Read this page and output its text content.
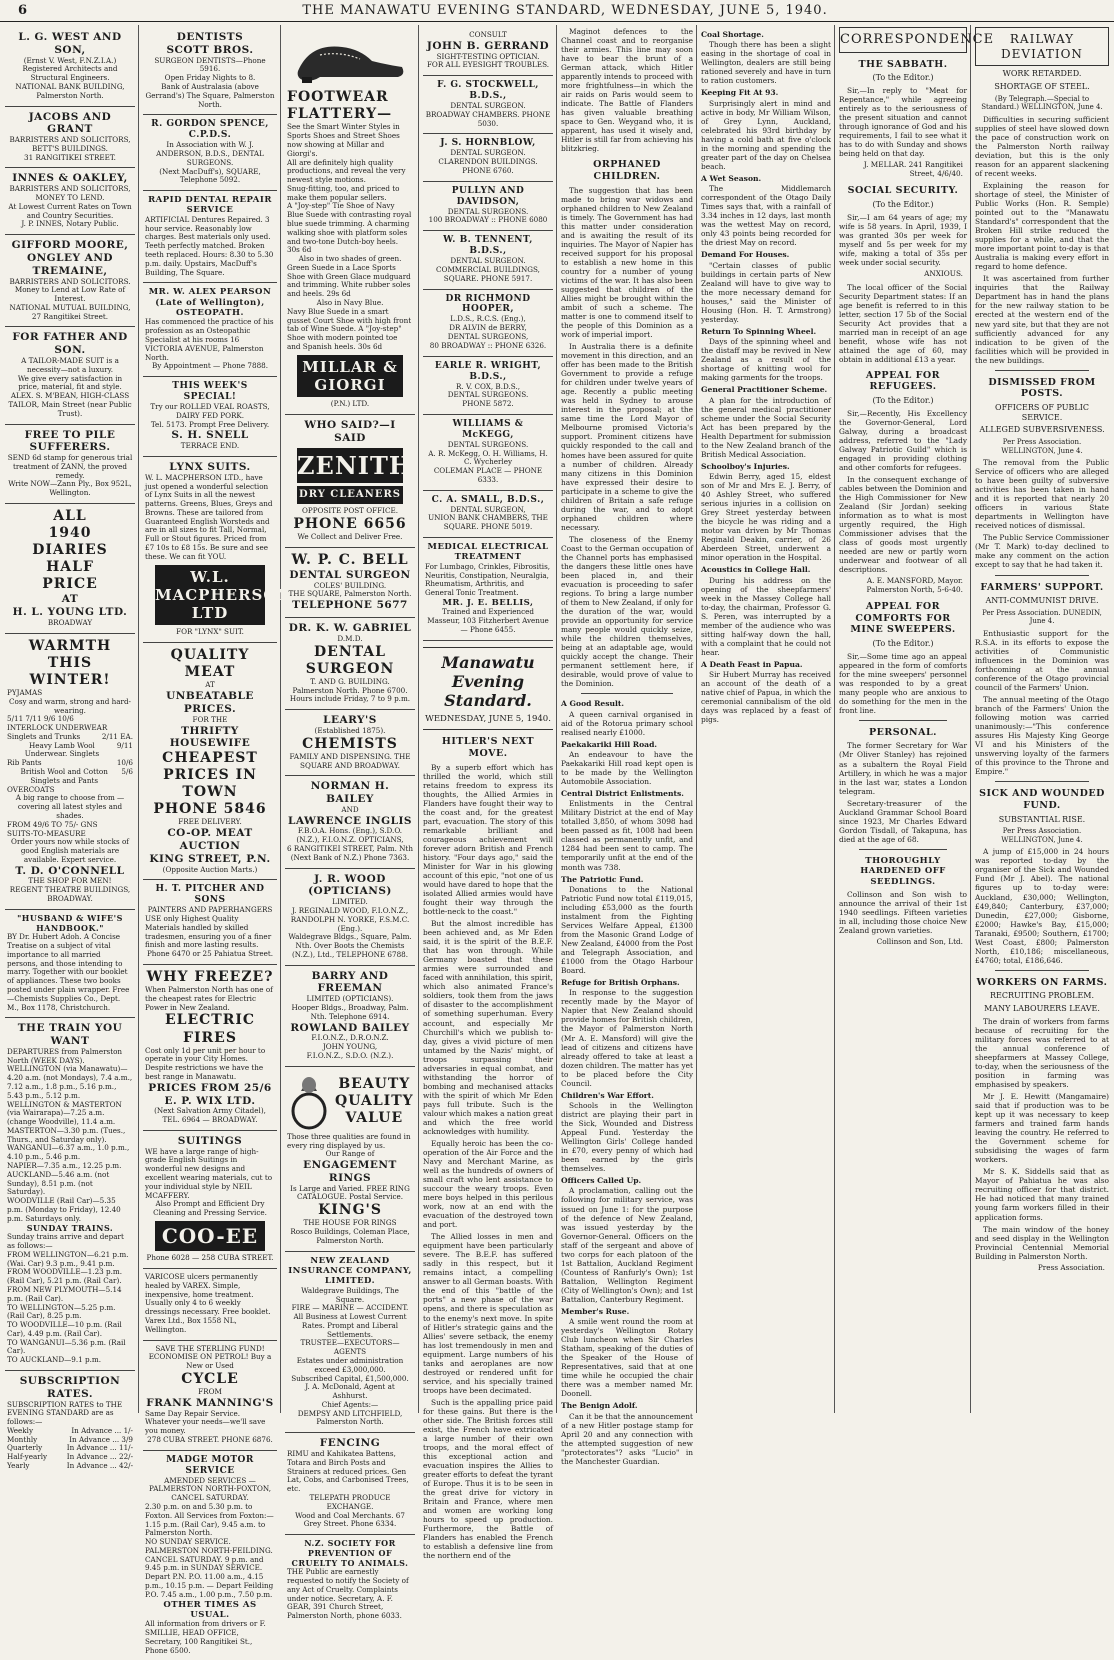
6	THE MANAWATU EVENING STANDARD, WEDNESDAY, JUNE 5, 1940.
L. G. WEST AND SON,
(Ernst V. West, F.N.Z.I.A.)
Registered Architects and Structural Engineers.
NATIONAL BANK BUILDING, Palmerston North.
JACOBS AND GRANT
BARRISTERS AND SOLICITORS,
BETT'S BUILDINGS.
31 RANGITIKEI STREET.
INNES & OAKLEY,
BARRISTERS AND SOLICITORS, MONEY TO LEND.
At Lowest Current Rates on Town and Country Securities.
J. P. INNES, Notary Public.
GIFFORD MOORE, ONGLEY AND TREMAINE,
BARRISTERS AND SOLICITORS. Money to Lend at Low Rate of Interest.
NATIONAL MUTUAL BUILDING, 27 Rangitikei Street.
FOR FATHER AND SON.
A TAILOR-MADE SUIT is a necessity—not a luxury.
We give every satisfaction in price, material, fit and style.
ALEX. S. M'BEAN, HIGH-CLASS TAILOR, Main Street (near Public Trust).
FREE TO PILE SUFFERERS.
SEND 6d stamp for generous trial treatment of ZANN, the proved remedy.
Write NOW—Zann Ply., Box 952L, Wellington.
ALL
1940
DIARIES
HALF
PRICE
AT
H. L. YOUNG LTD.
BROADWAY
WARMTH THIS WINTER!
PYJAMAS
Cosy and warm, strong and hard-wearing.
5/11 7/11 9/6 10/6
INTERLOCK UNDERWEAR
Singlets and Trunks	2/11 EA.
Heavy Lamb Wool Underwear. Singlets
9/11
Rib Pants	10/6
British Wool and Cotton Singlets and Pants
5/6
OVERCOATS
A big range to choose from — covering all latest styles and shades.
FROM 49/6 TO 75/- GNS
SUITS-TO-MEASURE
Order yours now while stocks of good English materials are available. Expert service.
T. D. O'CONNELL
THE SHOP FOR MEN!
REGENT THEATRE BUILDINGS, BROADWAY.
"HUSBAND & WIFE'S HANDBOOK."
BY Dr. Hubert Adoh. A Concise Treatise on a subject of vital importance to all married persons, and those intending to marry. Together with our booklet of appliances. These two books posted under plain wrapper. Free—Chemists Supplies Co., Dept. M., Box 1178, Christchurch.
THE TRAIN YOU WANT
DEPARTURES from Palmerston North (WEEK DAYS).
WELLINGTON (via Manawatu)—4.20 a.m. (not Mondays), 7.4 a.m., 7.12 a.m., 1.8 p.m., 5.16 p.m., 5.43 p.m., 5.12 p.m.
WELLINGTON & MASTERTON (via Wairarapa)—7.25 a.m. (change Woodville), 11.4 a.m.
MASTERTON—3.30 p.m. (Tues., Thurs., and Saturday only).
WANGANUI—6.37 a.m., 1.0 p.m., 4.10 p.m., 5.46 p.m.
NAPIER—7.35 a.m., 12.25 p.m.
AUCKLAND—5.46 a.m. (not Sunday), 8.51 p.m. (not Saturday).
WOODVILLE (Rail Car)—5.35 p.m. (Monday to Friday), 12.40 p.m. Saturdays only.
SUNDAY TRAINS.
Sunday trains arrive and depart as follows:—
FROM WELLINGTON—6.21 p.m. (Wai. Car) 9.3 p.m., 9.41 p.m.
FROM WOODVILLE—1.23 p.m. (Rail Car), 5.21 p.m. (Rail Car).
FROM NEW PLYMOUTH—5.14 p.m. (Rail Car).
TO WELLINGTON—5.25 p.m. (Rail Car), 8.25 p.m.
TO WOODVILLE—10 p.m. (Rail Car), 4.49 p.m. (Rail Car).
TO WANGANUI—5.36 p.m. (Rail Car).
TO AUCKLAND—9.1 p.m.
SUBSCRIPTION RATES.
SUBSCRIPTION RATES to THE EVENING STANDARD are as follows:—
Weekly	In Advance ... 1/-
Monthly	In Advance ... 3/9
Quarterly	In Advance ... 11/-
Half-yearly	In Advance ... 22/-
Yearly	In Advance ... 42/-
DENTISTS
SCOTT BROS.
SURGEON DENTISTS—Phone 5916.
Open Friday Nights to 8.
Bank of Australasia (above Gerrand's) The Square, Palmerston North.
R. GORDON SPENCE, C.P.D.S.
In Association with W. J. ANDERSON, B.D.S., DENTAL SURGEONS.
(Next MacDuff's), SQUARE, Telephone 5092.
RAPID DENTAL REPAIR SERVICE
ARTIFICIAL Dentures Repaired. 3 hour service. Reasonably low charges. Best materials only used. Teeth perfectly matched. Broken teeth replaced. Hours: 8.30 to 5.30 p.m. daily. Upstairs, MacDuff's Building, The Square.
MR. W. ALEX PEARSON (Late of Wellington), OSTEOPATH.
Has commenced the practice of his profession as an Osteopathic Specialist at his rooms 16 VICTORIA AVENUE, Palmerston North.
By Appointment — Phone 7888.
THIS WEEK'S SPECIAL!
Try our ROLLED VEAL ROASTS, DAIRY FED PORK.
Tel. 5173. Prompt Free Delivery.
S. H. SNELL
TERRACE END.
LYNX SUITS.
W. L. MACPHERSON LTD., have just opened a wonderful selection of Lynx Suits in all the newest patterns. Greens, Blues, Greys and Browns. These are tailored from Guaranteed English Worsteds and are in all sizes to fit Tall, Normal, Full or Stout figures. Priced from £7 10s to £8 15s. Be sure and see these. We can fit YOU.
W.L. MACPHERSON LTD
FOR "LYNX" SUIT.
QUALITY MEAT
AT
UNBEATABLE PRICES.
FOR THE
THRIFTY HOUSEWIFE
CHEAPEST PRICES IN TOWN
PHONE 5846
FREE DELIVERY.
CO-OP. MEAT AUCTION
KING STREET, P.N.
(Opposite Auction Marts.)
H. T. PITCHER AND SONS
PAINTERS AND PAPERHANGERS
USE only Highest Quality Materials handled by skilled tradesmen, ensuring you of a finer finish and more lasting results.
Phone 6470 or 25 Pahiatua Street.
WHY FREEZE?
When Palmerston North has one of the cheapest rates for Electric Power in New Zealand.
ELECTRIC FIRES
Cost only 1d per unit per hour to operate in your City Homes. Despite restrictions we have the best range in Manawatu.
PRICES FROM 25/6
E. P. WIX LTD.
(Next Salvation Army Citadel), TEL. 6964 — BROADWAY.
SUITINGS
WE have a large range of high-grade English Suitings in wonderful new designs and excellent wearing materials, cut to your individual style by NEIL MCAFFERY.
Also Prompt and Efficient Dry Cleaning and Pressing Service.
COO-EE
Phone 6028 — 258 CUBA STREET.
VARICOSE ulcers permanently healed by VAREX. Simple, inexpensive, home treatment. Usually only 4 to 6 weekly dressings necessary. Free booklet. Varex Ltd., Box 1558 NL, Wellington.
SAVE THE STERLING FUND!
ECONOMISE ON PETROL! Buy a New or Used
CYCLE
FROM
FRANK MANNING'S
Same Day Repair Service. Whatever your needs—we'll save you money.
278 CUBA STREET. PHONE 6876.
MADGE MOTOR SERVICE
AMENDED SERVICES — PALMERSTON NORTH-FOXTON, CANCEL SATURDAY.
2.30 p.m. on and 5.30 p.m. to Foxton. All Services from Foxton:— 1.15 p.m. (Rail Car), 9.45 a.m. to Palmerston North.
NO SUNDAY SERVICE. PALMERSTON NORTH-FEILDING. CANCEL SATURDAY. 9 p.m. and 9.45 p.m. in SUNDAY SERVICE.
Depart P.N. P.O. 11.00 a.m., 4.15 p.m., 10.15 p.m. — Depart Feilding P.O. 7.45 a.m., 1.00 p.m., 7.50 p.m.
OTHER TIMES AS USUAL.
All information from drivers or F. SMILLIE, HEAD OFFICE, Secretary, 100 Rangitikei St., Phone 6500.
FOOTWEAR FLATTERY—
See the Smart Winter Styles in Sports Shoes and Street Shoes now showing at Millar and Giorgi's.
All are definitely high quality productions, and reveal the very newest style motions.
Snug-fitting, too, and priced to make them popular sellers.
A "Joy-step" Tie Shoe of Navy Blue Suede with contrasting royal blue suede trimming. A charming walking shoe with platform soles and two-tone Dutch-boy heels. 30s 6d
Also in two shades of green.
Green Suede in a Lace Sports Shoe with Green Glace mudguard and trimming. White rubber soles and heels. 29s 6d
Also in Navy Blue.
Navy Blue Suede in a smart gusset Court Shoe with high front tab of Wine Suede. A "Joy-step" Shoe with modern pointed toe and Spanish heels. 30s 6d
MILLAR & GIORGI
(P.N.) LTD.
WHO SAID?—I SAID
ZENITH
DRY CLEANERS
OPPOSITE POST OFFICE.
PHONE 6656
We Collect and Deliver Free.
W. P. C. BELL
DENTAL SURGEON
COLES' BUILDING.
THE SQUARE, Palmerston North.
TELEPHONE 5677
DR. K. W. GABRIEL
D.M.D.
DENTAL SURGEON
T. AND G. BUILDING.
Palmerston North. Phone 6700. Hours include Friday, 7 to 9 p.m.
LEARY'S
(Established 1875).
CHEMISTS
FAMILY AND DISPENSING. THE SQUARE AND BROADWAY.
NORMAN H. BAILEY
AND
LAWRENCE INGLIS
F.B.O.A. Hons. (Eng.), S.D.O. (N.Z.), F.I.O.N.Z. OPTICIANS,
6 RANGITIKEI STREET, Palm. Nth (Next Bank of N.Z.) Phone 7363.
J. R. WOOD (OPTICIANS)
LIMITED.
J. REGINALD WOOD, F.I.O.N.Z., RANDOLPH N. YORKE, F.S.M.C. (Eng.).
Waldegrave Bldgs., Square, Palm. Nth. Over Boots the Chemists (N.Z.), Ltd., TELEPHONE 6788.
BARRY AND FREEMAN
LIMITED (OPTICIANS).
Hooper Bldgs., Broadway, Palm. Nth. Telephone 6914.
ROWLAND BAILEY
F.I.O.N.Z., D.R.O.N.Z.
JOHN YOUNG,
F.I.O.N.Z., S.D.O. (N.Z.).
BEAUTY
QUALITY
VALUE
Those three qualities are found in every ring displayed by us.
Our Range of
ENGAGEMENT RINGS
Is Large and Varied. FREE RING CATALOGUE. Postal Service.
KING'S
THE HOUSE FOR RINGS
Rosco Buildings, Coleman Place, Palmerston North.
NEW ZEALAND INSURANCE COMPANY, LIMITED.
Waldegrave Buildings, The Square.
FIRE — MARINE — ACCIDENT.
All Business at Lowest Current Rates. Prompt and Liberal Settlements.
TRUSTEE—EXECUTORS—AGENTS
Estates under administration exceed £3,000,000.
Subscribed Capital, £1,500,000.
J. A. McDonald, Agent at Ashhurst.
Chief Agents:—
DEMPSY AND LITCHFIELD, Palmerston North.
FENCING
RIMU and Kahikatea Battens, Totara and Birch Posts and Strainers at reduced prices. Gen Lat, Cobs, and Carbonised Trees, etc.
TELEPATH PRODUCE EXCHANGE.
Wood and Coal Merchants. 67 Grey Street. Phone 6334.
N.Z. SOCIETY FOR PREVENTION OF CRUELTY TO ANIMALS.
THE Public are earnestly requested to notify the Society of any Act of Cruelty. Complaints under notice. Secretary, A. F. GEAR, 391 Church Street, Palmerston North, phone 6033.
CONSULT
JOHN B. GERRAND
SIGHT-TESTING OPTICIAN.
FOR ALL EYESIGHT TROUBLES.
F. G. STOCKWELL, B.D.S.,
DENTAL SURGEON.
BROADWAY CHAMBERS. PHONE 5030.
J. S. HORNBLOW,
DENTAL SURGEON.
CLARENDON BUILDINGS. PHONE 6760.
PULLYN AND DAVIDSON,
DENTAL SURGEONS.
100 BROADWAY :: PHONE 6080
W. B. TENNENT, B.D.S.,
DENTAL SURGEON.
COMMERCIAL BUILDINGS, SQUARE. PHONE 5917.
DR RICHMOND HOOPER,
L.D.S., R.C.S. (Eng.),
DR ALVIN de BERRY,
DENTAL SURGEONS,
80 BROADWAY :: PHONE 6326.
EARLE R. WRIGHT, B.D.S.,
R. V. COX, B.D.S.,
DENTAL SURGEONS.
PHONE 5872.
WILLIAMS & McKEGG,
DENTAL SURGEONS.
A. R. McKegg, O. H. Williams, H. C. Wycherley
COLEMAN PLACE — PHONE 6333.
C. A. SMALL, B.D.S.,
DENTAL SURGEON,
UNION BANK CHAMBERS, THE SQUARE. PHONE 5019.
MEDICAL ELECTRICAL TREATMENT
For Lumbago, Crinkles, Fibrositis, Neuritis, Constipation, Neuralgia, Rheumatism, Arthritis, and General Tonic Treatment.
MR. J. E. BELLIS,
Trained and Experienced Masseur, 103 Fitzherbert Avenue — Phone 6455.
Manawatu Evening Standard.
WEDNESDAY, JUNE 5, 1940.
HITLER'S NEXT MOVE.

By a superb effort which has thrilled the world, which still retains freedom to express its thoughts, the Allied Armies in Flanders have fought their way to the coast and, for the greatest part, evacuation. The story of this remarkable brilliant and courageous achievement will forever adorn British and French history. "Four days ago," said the Minister for War in his glowing account of this epic, "not one of us would have dared to hope that the isolated Allied armies would have fought their way through the bottle-neck to the coast."

But the almost incredible has been achieved and, as Mr Eden said, it is the spirit of the B.E.F. that has won through. While Germany boasted that these armies were surrounded and faced with annihilation, this spirit, which also animated France's soldiers, took them from the jaws of disaster to the accomplishment of something superhuman. Every account, and especially Mr Churchill's which we publish to-day, gives a vivid picture of men untamed by the Nazis' might, of troops surpassing their adversaries in equal combat, and withstanding the horror of bombing and mechanised attacks with the spirit of which Mr Eden pays full tribute. Such is the valour which makes a nation great and which the free world acknowledges with humility.

Equally heroic has been the co-operation of the Air Force and the Navy and Merchant Marine, as well as the hundreds of owners of small craft who lent assistance to succour the weary troops. Even mere boys helped in this perilous work, now at an end with the evacuation of the destroyed town and port.

The Allied losses in men and equipment have been particularly severe. The B.E.F. has suffered sadly in this respect, but it remains intact, a compelling answer to all German boasts. With the end of this "battle of the ports" a new phase of the war opens, and there is speculation as to the enemy's next move. In spite of Hitler's strategic gains and the Allies' severe setback, the enemy has lost tremendously in men and equipment. Large numbers of his tanks and aeroplanes are now destroyed or rendered unfit for service, and his specially trained troops have been decimated.

Such is the appalling price paid for these gains. But there is the other side. The British forces still exist, the French have extricated a large number of their own troops, and the moral effect of this exceptional action and evacuation inspires the Allies to greater efforts to defeat the tyrant of Europe. Thus it is to be seen in the great drive for victory in Britain and France, where men and women are working long hours to speed up production. Furthermore, the Battle of Flanders has enabled the French to establish a defensive line from the northern end of the

Maginot defences to the Channel coast and to reorganise their armies. This line may soon have to bear the brunt of a German attack, which Hitler apparently intends to proceed with more frightfulness—in which the air raids on Paris would seem to indicate. The Battle of Flanders has given valuable breathing space to Gen. Weygand who, it is apparent, has used it wisely and, Hitler is still far from achieving his blitzkrieg.

ORPHANED CHILDREN.

The suggestion that has been made to bring war widows and orphaned children to New Zealand is timely. The Government has had this matter under consideration and is awaiting the result of its inquiries. The Mayor of Napier has received support for his proposal to establish a new home in this country for a number of young victims of the war. It has also been suggested that children of the Allies might be brought within the ambit of such a scheme. The matter is one to commend itself to the people of this Dominion as a work of imperial import.

In Australia there is a definite movement in this direction, and an offer has been made to the British Government to provide a refuge for children under twelve years of age. Recently a public meeting was held in Sydney to arouse interest in the proposal; at the same time the Lord Mayor of Melbourne promised Victoria's support. Prominent citizens have quickly responded to the call and homes have been assured for quite a number of children. Already many citizens in this Dominion have expressed their desire to participate in a scheme to give the children of Britain a safe refuge during the war, and to adopt orphaned children where necessary.

The closeness of the Enemy Coast to the German occupation of the Channel ports has emphasised the dangers these little ones have been placed in, and their evacuation is proceeding to safer regions. To bring a large number of them to New Zealand, if only for the duration of the war, would provide an opportunity for service many people would quickly seize, while the children themselves, being at an adaptable age, would quickly accept the change. Their permanent settlement here, if desirable, would prove of value to the Dominion.

A Good Result.

A queen carnival organised in aid of the Rotorua primary school realised nearly £1000.

Paekakariki Hill Road.

An endeavour to have the Paekakariki Hill road kept open is to be made by the Wellington Automobile Association.

Central District Enlistments.

Enlistments in the Central Military District at the end of May totalled 3,850, of whom 3098 had been passed as fit, 1008 had been classed as permanently unfit, and 1284 had been sent to camp. The temporarily unfit at the end of the month was 738.

The Patriotic Fund.

Donations to the National Patriotic Fund now total £119,015, including £53,000 as the fourth instalment from the Fighting Services Welfare Appeal, £1300 from the Masonic Grand Lodge of New Zealand, £4000 from the Post and Telegraph Association, and £1000 from the Otago Harbour Board.

Refuge for British Orphans.

In response to the suggestion recently made by the Mayor of Napier that New Zealand should provide homes for British children, the Mayor of Palmerston North (Mr A. E. Mansford) will give the lead of citizens and citizens have already offered to take at least a dozen children. The matter has yet to be placed before the City Council.

Children's War Effort.

Schools in the Wellington district are playing their part in the Sick, Wounded and Distress Appeal Fund. Yesterday the Wellington Girls' College handed in £70, every penny of which had been earned by the girls themselves.

Officers Called Up.

A proclamation, calling out the following for military service, was issued on June 1: for the purpose of the defence of New Zealand, was issued yesterday by the Governor-General. Officers on the staff of the sergeant and above of two corps for each platoon of the 1st Battalion, Auckland Regiment (Countess of Ranfurly's Own); 1st Battalion, Wellington Regiment (City of Wellington's Own); and 1st Battalion, Canterbury Regiment.

Member's Ruse.

A smile went round the room at yesterday's Wellington Rotary Club luncheon when Sir Charles Statham, speaking of the duties of the Speaker of the House of Representatives, said that at one time while he occupied the chair there was a member named Mr. Doonell.

The Benign Adolf.

Can it be that the announcement of a new Hitler postage stamp for April 20 and any connection with the attempted suggestion of new "protectorates"? asks "Lucio" in the Manchester Guardian.

Coal Shortage.

Though there has been a slight easing in the shortage of coal in Wellington, dealers are still being rationed severely and have in turn to ration customers.

Keeping Fit At 93.

Surprisingly alert in mind and active in body, Mr William Wilson, of Grey Lynn, Auckland, celebrated his 93rd birthday by having a cold bath at five o'clock in the morning and spending the greater part of the day on Chelsea beach.

A Wet Season.

The Middlemarch correspondent of the Otago Daily Times says that, with a rainfall of 3.34 inches in 12 days, last month was the wettest May on record, only 43 points being recorded for the driest May on record.

Demand For Houses.

"Certain classes of public buildings in certain parts of New Zealand will have to give way to the more necessary demand for houses," said the Minister of Housing (Hon. H. T. Armstrong) yesterday.

Return To Spinning Wheel.

Days of the spinning wheel and the distaff may be revived in New Zealand as a result of the shortage of knitting wool for making garments for the troops.

General Practitioner Scheme.

A plan for the introduction of the general medical practitioner scheme under the Social Security Act has been prepared by the Health Department for submission to the New Zealand branch of the British Medical Association.

Schoolboy's Injuries.

Edwin Berry, aged 15, eldest son of Mr and Mrs E. J. Berry, of 40 Ashley Street, who suffered serious injuries in a collision on Grey Street yesterday between the bicycle he was riding and a motor van driven by Mr Thomas Reginald Deakin, carrier, of 26 Aberdeen Street, underwent a minor operation in the Hospital.

Acoustics in College Hall.

During his address on the opening of the sheepfarmers' week in the Massey College hall to-day, the chairman, Professor G. S. Peren, was interrupted by a member of the audience who was sitting half-way down the hall, with a complaint that he could not hear.

A Death Feast in Papua.

Sir Hubert Murray has received an account of the death of a native chief of Papua, in which the ceremonial cannibalism of the old days was replaced by a feast of pigs.

CORRESPONDENCE
THE SABBATH.
(To the Editor.)

Sir,—In reply to "Meat for Repentance," while agreeing entirely as to the seriousness of the present situation and cannot through ignorance of God and his requirements, I fail to see what it has to do with Sunday and shows being held on that day.

J. MELLAR. 241 Rangitikei Street, 4/6/40.
SOCIAL SECURITY.
(To the Editor.)

Sir,—I am 64 years of age; my wife is 58 years. In April, 1939, I was granted 30s per week for myself and 5s per week for my wife, making a total of 35s per week under social security.

ANXIOUS.

The local officer of the Social Security Department states: If an age benefit is referred to in this letter, section 17 5b of the Social Security Act provides that a married man in receipt of an age benefit, whose wife has not attained the age of 60, may obtain in additional £13 a year.

APPEAL FOR REFUGEES.
(To the Editor.)

Sir,—Recently, His Excellency the Governor-General, Lord Galway, during a broadcast address, referred to the "Lady Galway Patriotic Guild" which is engaged in providing clothing and other comforts for refugees.

In the consequent exchange of cables between the Dominion and the High Commissioner for New Zealand (Sir Jordan) seeking information as to what is most urgently required, the High Commissioner advises that the class of goods most urgently needed are new or partly worn underwear and footwear of all descriptions.

A. E. MANSFORD, Mayor. Palmerston North, 5-6-40.
APPEAL FOR COMFORTS FOR MINE SWEEPERS.
(To the Editor.)

Sir,—Some time ago an appeal appeared in the form of comforts for the mine sweepers' personnel was responded to by a great many people who are anxious to do something for the men in the front line.

PERSONAL.

The former Secretary for War (Mr Oliver Stanley) has rejoined as a subaltern the Royal Field Artillery, in which he was a major in the last war, states a London telegram.

Secretary-treasurer of the Auckland Grammar School Board since 1923, Mr Charles Edward Gordon Tisdall, of Takapuna, has died at the age of 68.

THOROUGHLY HARDENED OFF SEEDLINGS.

Collinson and Son wish to announce the arrival of their 1st 1940 seedlings. Fifteen varieties in all, including those choice New Zealand grown varieties.

Collinson and Son, Ltd.
RAILWAY DEVIATION
WORK RETARDED.
SHORTAGE OF STEEL.
(By Telegraph.—Special to Standard.) WELLINGTON, June 4.

Difficulties in securing sufficient supplies of steel have slowed down the pace of construction work on the Palmerston North railway deviation, but this is the only reason for an apparent slackening of recent weeks.

Explaining the reason for shortage of steel, the Minister of Public Works (Hon. R. Semple) pointed out to the "Manawatu Standard's" correspondent that the Broken Hill strike reduced the supplies for a while, and that the more important point to-day is that Australia is making every effort in regard to home defence.

It was ascertained from further inquiries that the Railway Department has in hand the plans for the new railway station to be erected at the western end of the new yard site, but that they are not sufficiently advanced for any indication to be given of the facilities which will be provided in the new buildings.

DISMISSED FROM POSTS.
OFFICERS OF PUBLIC SERVICE.
ALLEGED SUBVERSIVENESS.
Per Press Association. WELLINGTON, June 4.

The removal from the Public Service of officers who are alleged to have been guilty of subversive activities has been taken in hand and it is reported that nearly 20 officers in various State departments in Wellington have received notices of dismissal.

The Public Service Commissioner (Mr T. Mark) to-day declined to make any comment on the action except to say that he had taken it.

FARMERS' SUPPORT.
ANTI-COMMUNIST DRIVE.
Per Press Association. DUNEDIN, June 4.

Enthusiastic support for the R.S.A. in its efforts to expose the activities of Communistic influences in the Dominion was forthcoming at the annual conference of the Otago provincial council of the Farmers' Union.

The annual meeting of the Otago branch of the Farmers' Union the following motion was carried unanimously:—"This conference assures His Majesty King George VI and his Ministers of the unswerving loyalty of the farmers of this province to the Throne and Empire."

SICK AND WOUNDED FUND.
SUBSTANTIAL RISE.
Per Press Association. WELLINGTON, June 4.

A jump of £15,000 in 24 hours was reported to-day by the organiser of the Sick and Wounded Fund (Mr J. Abel). The national figures up to to-day were: Auckland, £30,000; Wellington, £49,840; Canterbury, £37,000; Dunedin, £27,000; Gisborne, £2000; Hawke's Bay, £15,000; Taranaki, £9500; Southern, £1700; West Coast, £800; Palmerston North, £10,186; miscellaneous, £4760; total, £186,646.

WORKERS ON FARMS.
RECRUITING PROBLEM.
MANY LABOURERS LEAVE.

The drain of workers from farms because of recruiting for the military forces was referred to at the annual conference of sheepfarmers at Massey College, to-day, when the seriousness of the position in farming was emphasised by speakers.

Mr J. E. Hewitt (Mangamaire) said that if production was to be kept up it was necessary to keep farmers and trained farm hands leaving the country. He referred to the Government scheme for subsidising the wages of farm workers.

Mr S. K. Siddells said that as Mayor of Pahiatua he was also recruiting officer for that district. He had noticed that many trained young farm workers filled in their application forms.

The main window of the honey and seed display in the Wellington Provincial Centennial Memorial Building in Palmerston North.

Press Association.
